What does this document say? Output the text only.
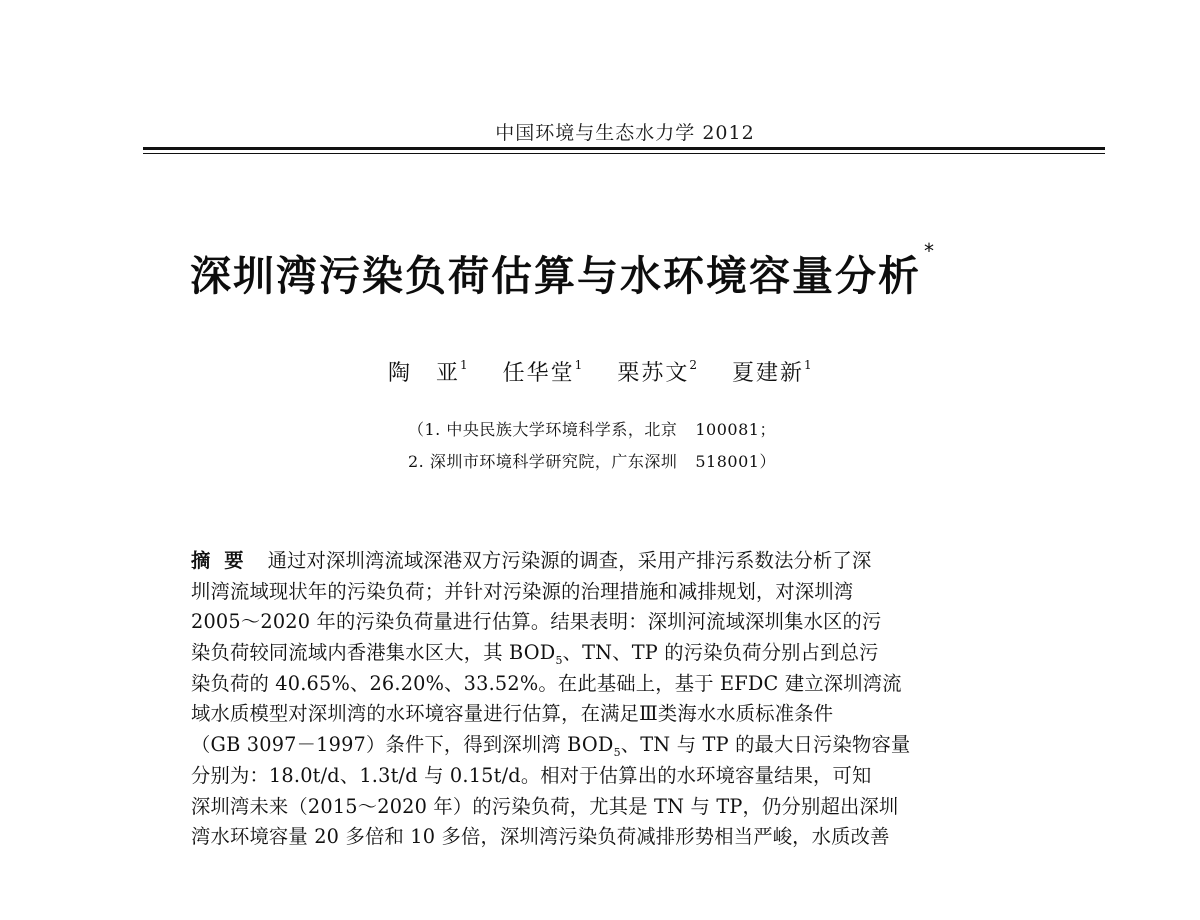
中国环境与生态水力学 2012
深圳湾污染负荷估算与水环境容量分析*
陶　亚$^1$ 任华堂$^1$ 栗苏文$^2$ 夏建新$^1$
（1. 中央民族大学环境科学系，北京 100081；
2. 深圳市环境科学研究院，广东深圳 518001）
摘要 通过对深圳湾流域深港双方污染源的调查，采用产排污系数法分析了深
圳湾流域现状年的污染负荷；并针对污染源的治理措施和减排规划，对深圳湾
2005～2020 年的污染负荷量进行估算。结果表明：深圳河流域深圳集水区的污
染负荷较同流域内香港集水区大，其 $BOD_5$、TN、TP 的污染负荷分别占到总污
染负荷的 40.65%、26.20%、33.52%。在此基础上，基于 EFDC 建立深圳湾流
域水质模型对深圳湾的水环境容量进行估算，在满足Ⅲ类海水水质标准条件
（GB 3097－1997）条件下，得到深圳湾 $BOD_5$、TN 与 TP 的最大日污染物容量
分别为：18.0t/d、1.3t/d 与 0.15t/d。相对于估算出的水环境容量结果，可知
深圳湾未来（2015～2020 年）的污染负荷，尤其是 TN 与 TP，仍分别超出深圳
湾水环境容量 20 多倍和 10 多倍，深圳湾污染负荷减排形势相当严峻，水质改善
